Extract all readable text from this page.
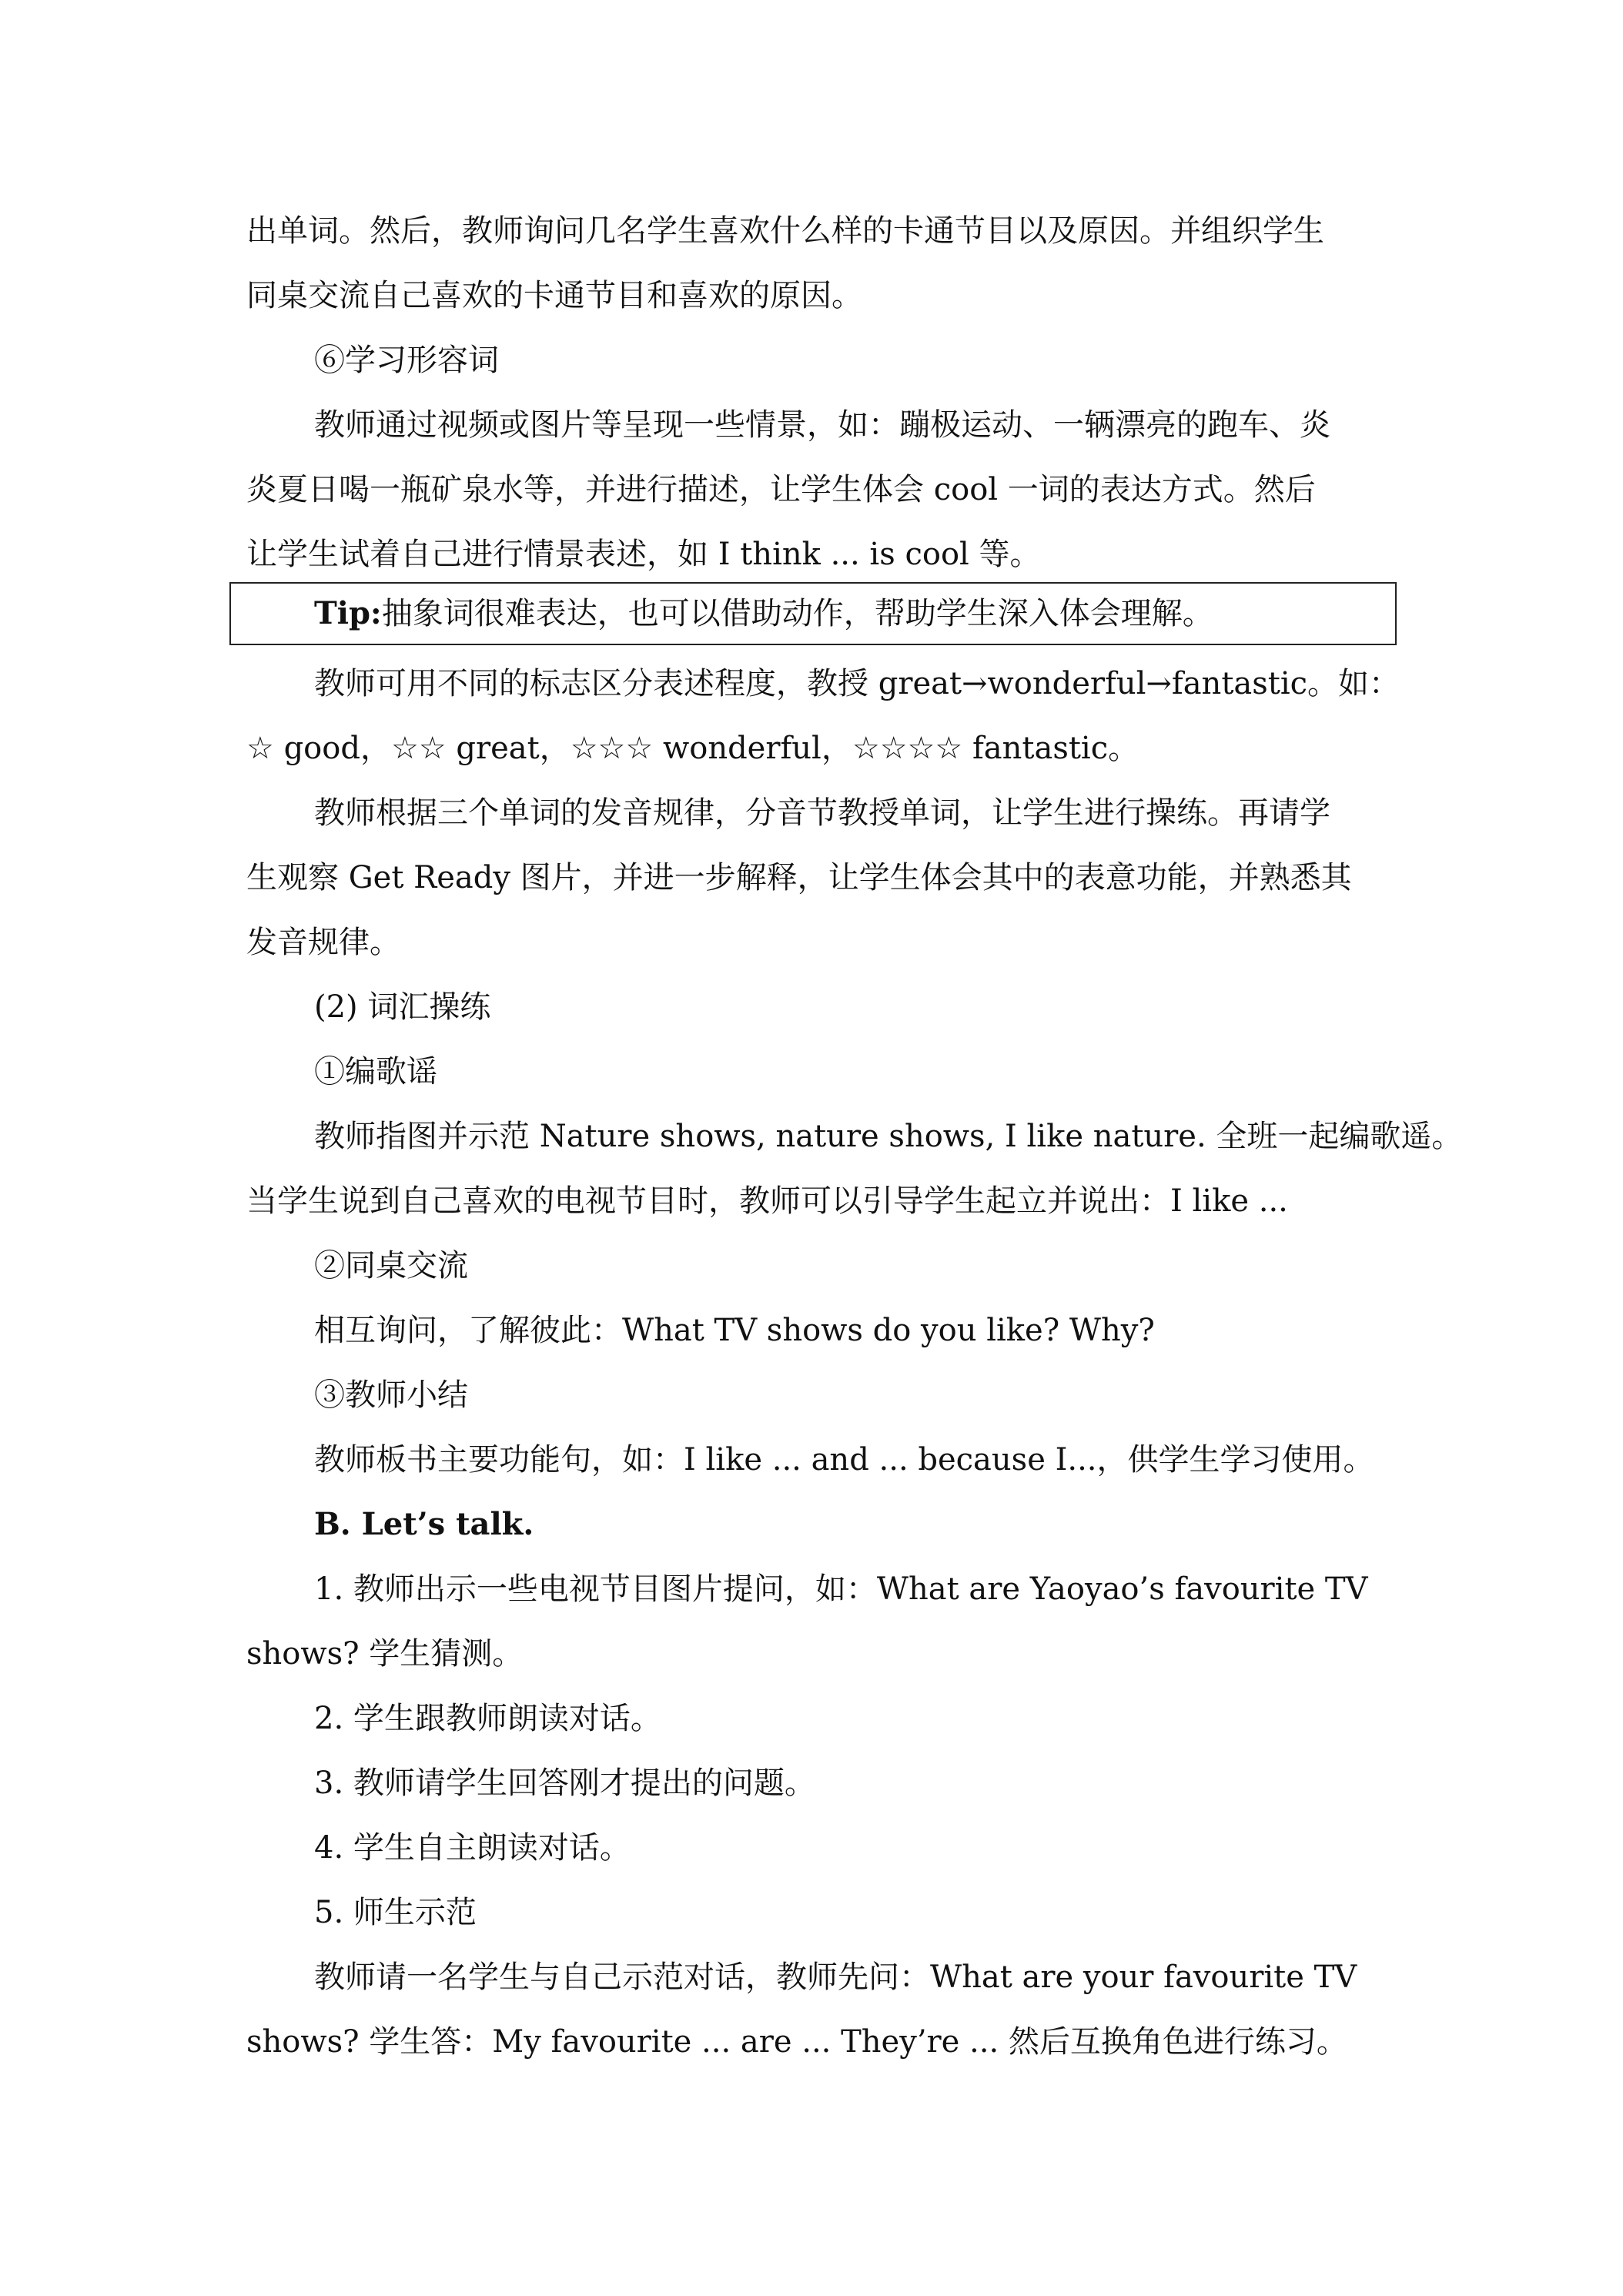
出单词。然后，教师询问几名学生喜欢什么样的卡通节目以及原因。并组织学生
同桌交流自己喜欢的卡通节目和喜欢的原因。
⑥学习形容词
教师通过视频或图片等呈现一些情景，如：蹦极运动、一辆漂亮的跑车、炎
炎夏日喝一瓶矿泉水等，并进行描述，让学生体会 cool 一词的表达方式。然后
让学生试着自己进行情景表述，如 I think ... is cool 等。
Tip:抽象词很难表达，也可以借助动作，帮助学生深入体会理解。
教师可用不同的标志区分表述程度，教授 great→wonderful→fantastic。如：
☆ good，☆☆ great，☆☆☆ wonderful，☆☆☆☆ fantastic。
教师根据三个单词的发音规律，分音节教授单词，让学生进行操练。再请学
生观察 Get Ready 图片，并进一步解释，让学生体会其中的表意功能，并熟悉其
发音规律。
(2) 词汇操练
①编歌谣
教师指图并示范 Nature shows, nature shows, I like nature. 全班一起编歌遥。
当学生说到自己喜欢的电视节目时，教师可以引导学生起立并说出：I like ...
②同桌交流
相互询问，了解彼此：What TV shows do you like? Why?
③教师小结
教师板书主要功能句，如：I like ... and ... because I...，供学生学习使用。
B. Let’s talk.
1. 教师出示一些电视节目图片提问，如：What are Yaoyao’s favourite TV
shows? 学生猜测。
2. 学生跟教师朗读对话。
3. 教师请学生回答刚才提出的问题。
4. 学生自主朗读对话。
5. 师生示范
教师请一名学生与自己示范对话，教师先问：What are your favourite TV
shows? 学生答：My favourite ... are ... They’re ... 然后互换角色进行练习。
